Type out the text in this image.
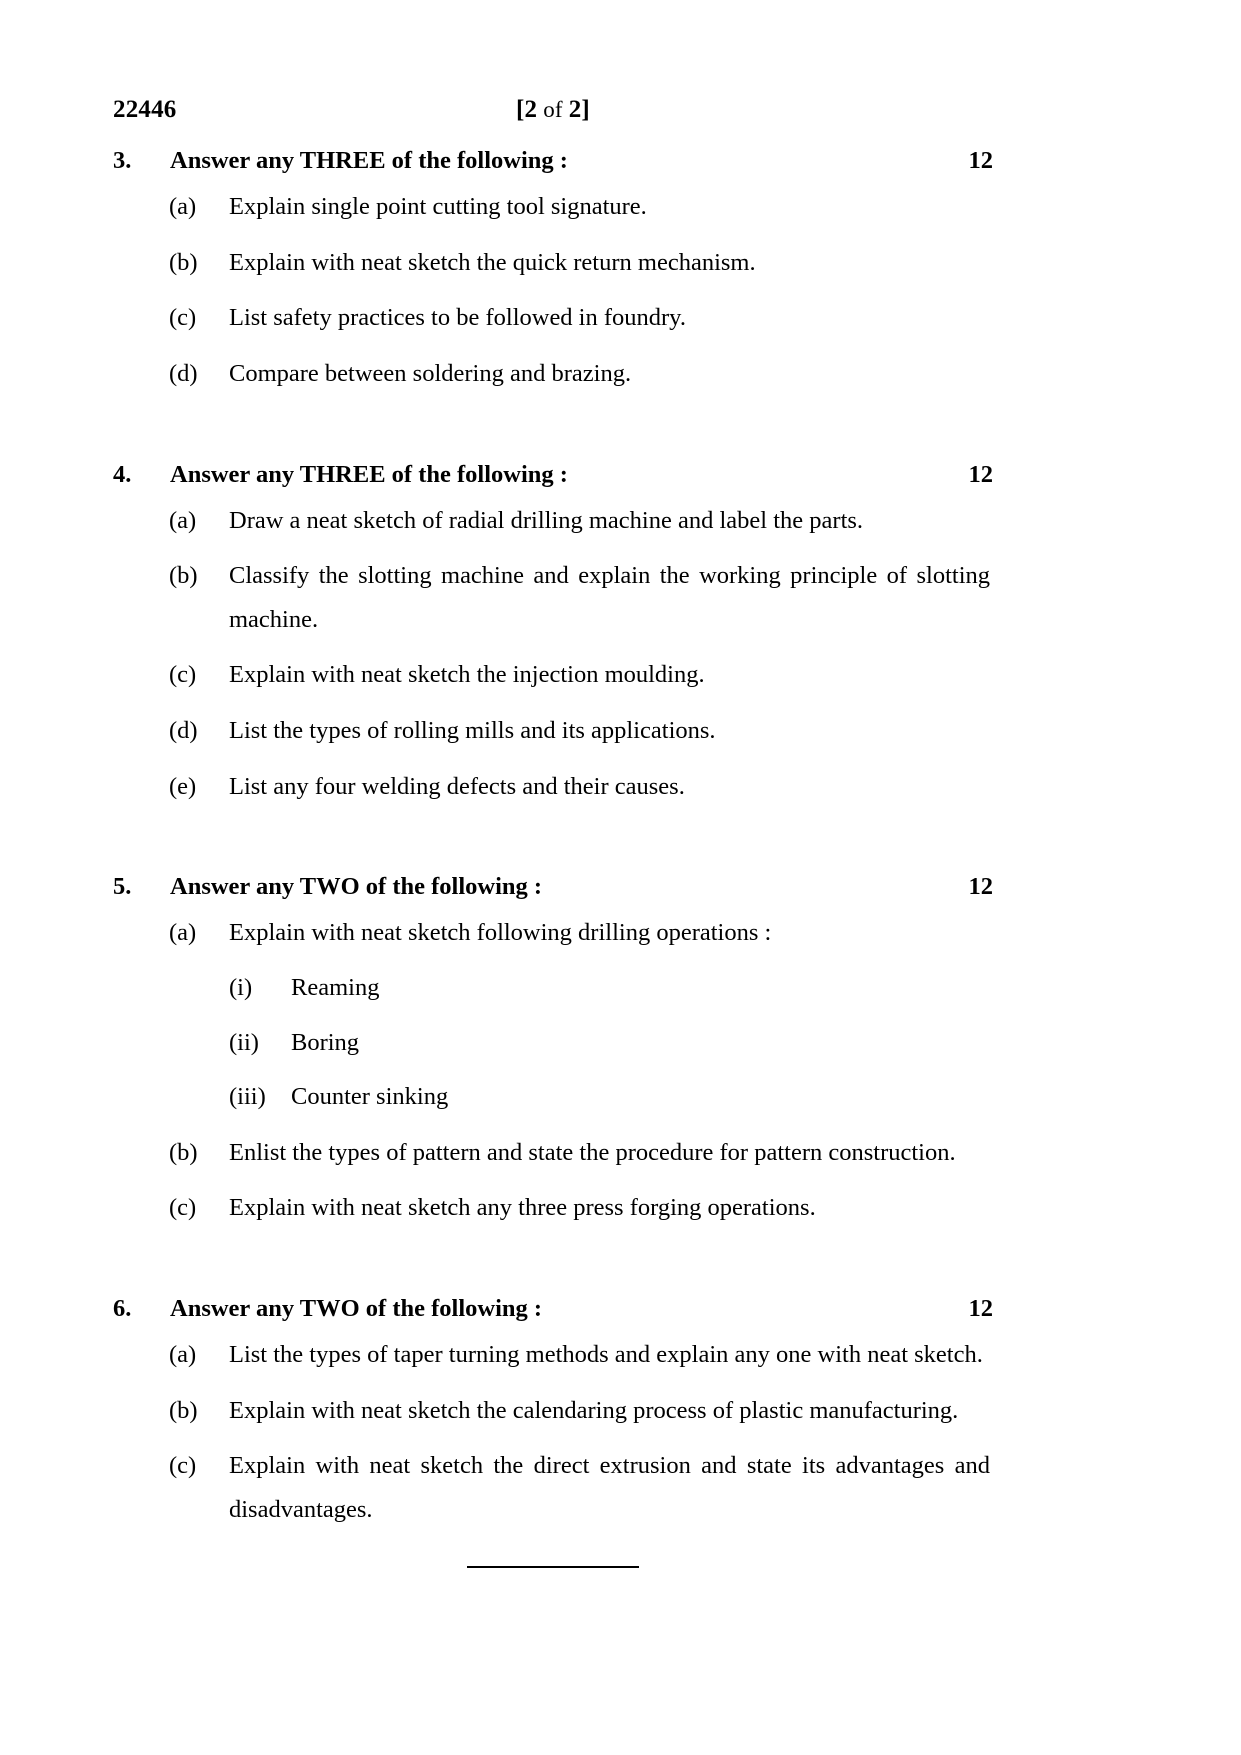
22446	[2 of 2]
3.	Answer any THREE of the following :	12
(a)	Explain single point cutting tool signature.
(b)	Explain with neat sketch the quick return mechanism.
(c)	List safety practices to be followed in foundry.
(d)	Compare between soldering and brazing.
4.	Answer any THREE of the following :	12
(a)	Draw a neat sketch of radial drilling machine and label the parts.
(b)	Classify the slotting machine and explain the working principle of slotting machine.
(c)	Explain with neat sketch the injection moulding.
(d)	List the types of rolling mills and its applications.
(e)	List any four welding defects and their causes.
5.	Answer any TWO of the following :	12
(a)	Explain with neat sketch following drilling operations :
(i)	Reaming
(ii)	Boring
(iii)	Counter sinking
(b)	Enlist the types of pattern and state the procedure for pattern construction.
(c)	Explain with neat sketch any three press forging operations.
6.	Answer any TWO of the following :	12
(a)	List the types of taper turning methods and explain any one with neat sketch.
(b)	Explain with neat sketch the calendaring process of plastic manufacturing.
(c)	Explain with neat sketch the direct extrusion and state its advantages and disadvantages.
